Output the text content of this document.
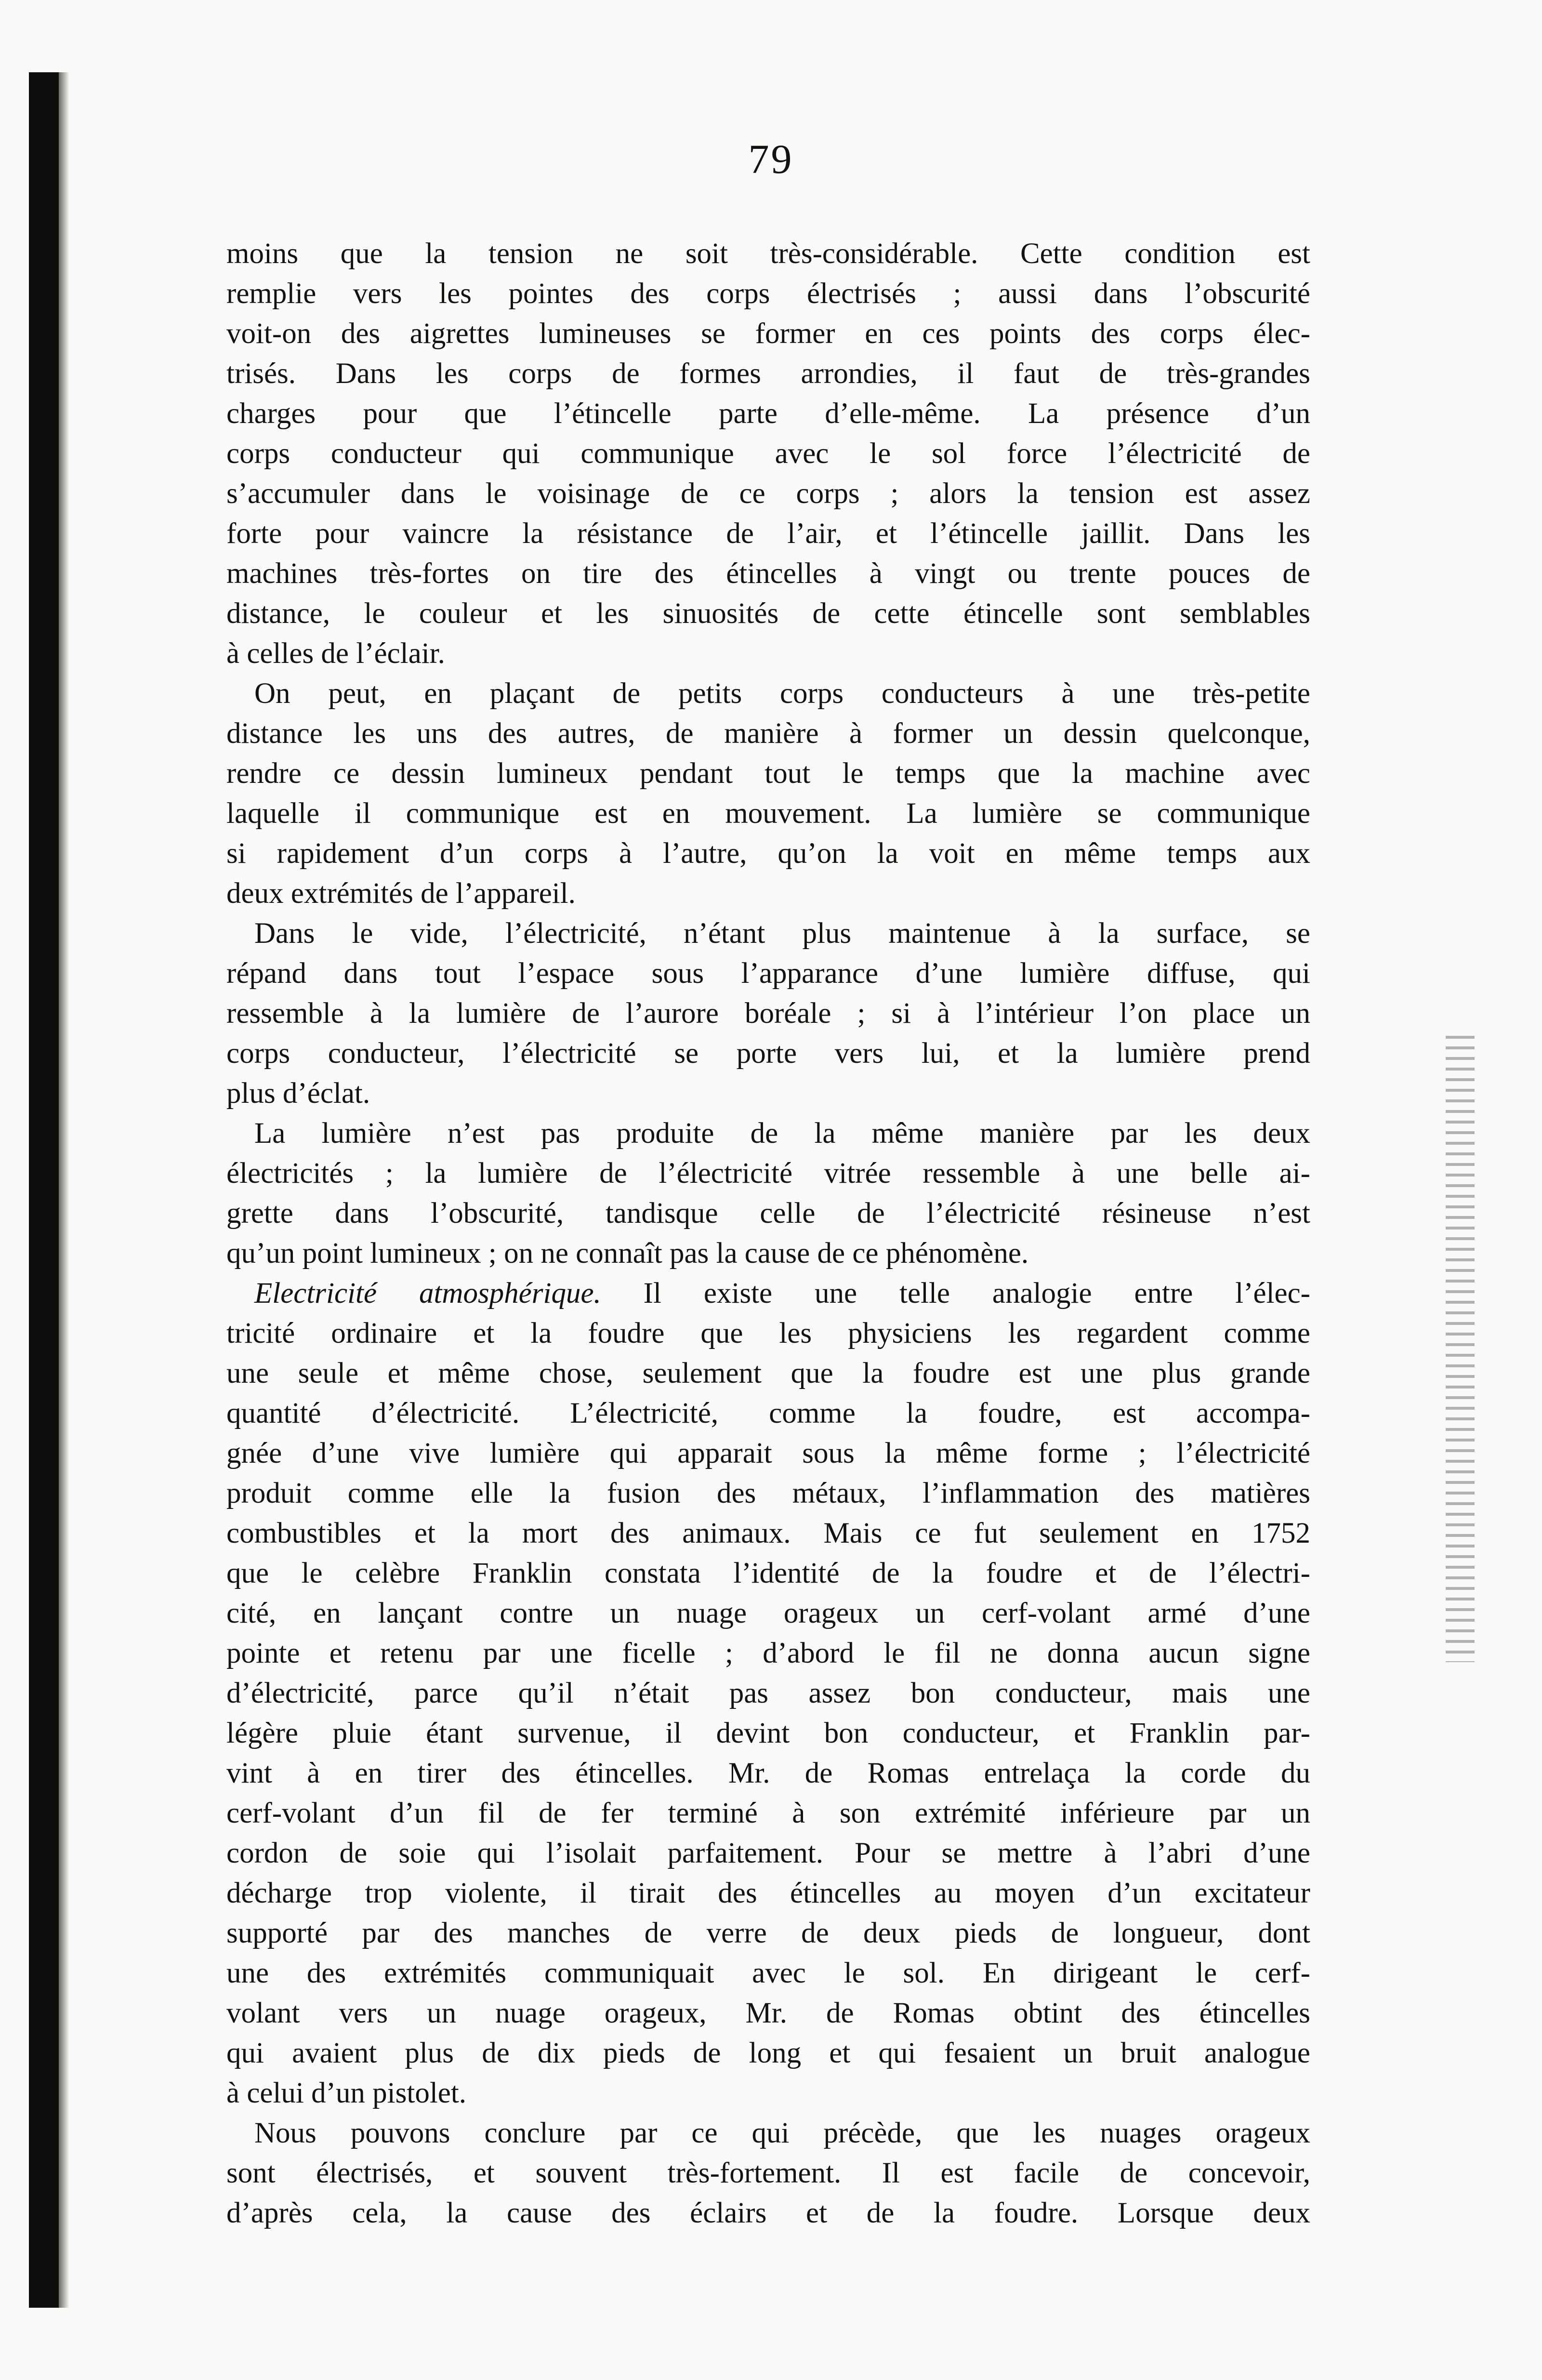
79
moins que la tension ne soit très-considérable. Cette condition est
remplie vers les pointes des corps électrisés ; aussi dans l’obscurité
voit-on des aigrettes lumineuses se former en ces points des corps élec-
trisés. Dans les corps de formes arrondies, il faut de très-grandes
charges pour que l’étincelle parte d’elle-même. La présence d’un
corps conducteur qui communique avec le sol force l’électricité de
s’accumuler dans le voisinage de ce corps ; alors la tension est assez
forte pour vaincre la résistance de l’air, et l’étincelle jaillit. Dans les
machines très-fortes on tire des étincelles à vingt ou trente pouces de
distance, le couleur et les sinuosités de cette étincelle sont semblables
à celles de l’éclair.
On peut, en plaçant de petits corps conducteurs à une très-petite
distance les uns des autres, de manière à former un dessin quelconque,
rendre ce dessin lumineux pendant tout le temps que la machine avec
laquelle il communique est en mouvement. La lumière se communique
si rapidement d’un corps à l’autre, qu’on la voit en même temps aux
deux extrémités de l’appareil.
Dans le vide, l’électricité, n’étant plus maintenue à la surface, se
répand dans tout l’espace sous l’apparance d’une lumière diffuse, qui
ressemble à la lumière de l’aurore boréale ; si à l’intérieur l’on place un
corps conducteur, l’électricité se porte vers lui, et la lumière prend
plus d’éclat.
La lumière n’est pas produite de la même manière par les deux
électricités ; la lumière de l’électricité vitrée ressemble à une belle ai-
grette dans l’obscurité, tandisque celle de l’électricité résineuse n’est
qu’un point lumineux ; on ne connaît pas la cause de ce phénomène.
Electricité atmosphérique. Il existe une telle analogie entre l’élec-
tricité ordinaire et la foudre que les physiciens les regardent comme
une seule et même chose, seulement que la foudre est une plus grande
quantité d’électricité. L’électricité, comme la foudre, est accompa-
gnée d’une vive lumière qui apparait sous la même forme ; l’électricité
produit comme elle la fusion des métaux, l’inflammation des matières
combustibles et la mort des animaux. Mais ce fut seulement en 1752
que le celèbre Franklin constata l’identité de la foudre et de l’électri-
cité, en lançant contre un nuage orageux un cerf-volant armé d’une
pointe et retenu par une ficelle ; d’abord le fil ne donna aucun signe
d’électricité, parce qu’il n’était pas assez bon conducteur, mais une
légère pluie étant survenue, il devint bon conducteur, et Franklin par-
vint à en tirer des étincelles. Mr. de Romas entrelaça la corde du
cerf-volant d’un fil de fer terminé à son extrémité inférieure par un
cordon de soie qui l’isolait parfaitement. Pour se mettre à l’abri d’une
décharge trop violente, il tirait des étincelles au moyen d’un excitateur
supporté par des manches de verre de deux pieds de longueur, dont
une des extrémités communiquait avec le sol. En dirigeant le cerf-
volant vers un nuage orageux, Mr. de Romas obtint des étincelles
qui avaient plus de dix pieds de long et qui fesaient un bruit analogue
à celui d’un pistolet.
Nous pouvons conclure par ce qui précède, que les nuages orageux
sont électrisés, et souvent très-fortement. Il est facile de concevoir,
d’après cela, la cause des éclairs et de la foudre. Lorsque deux
